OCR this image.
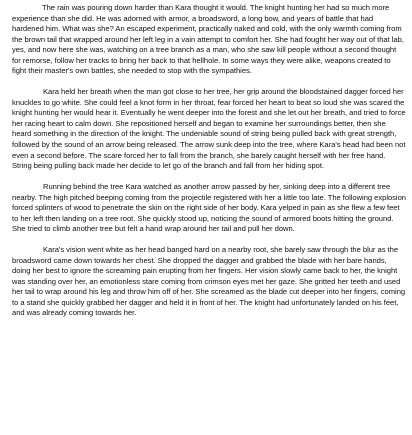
The rain was pouring down harder than Kara thought it would. The knight hunting her had so much more experience than she did. He was adorned with armor, a broadsword, a long bow, and years of battle that had hardened him. What was she? An escaped experiment, practically naked and cold, with the only warmth coming from the brown tail that wrapped around her left leg in a vain attempt to comfort her. She had fought her way out of that lab, yes, and now here she was, watching on a tree branch as a man, who she saw kill people without a second thought for remorse, follow her tracks to bring her back to that hellhole. In some ways they were alike, weapons created to fight their master's own battles, she needed to stop with the sympathies.

Kara held her breath when the man got close to her tree, her grip around the bloodstained dagger forced her knuckles to go white. She could feel a knot form in her throat, fear forced her heart to beat so loud she was scared the knight hunting her would hear it. Eventually he went deeper into the forest and she let out her breath, and tried to force her racing heart to calm down. She repositioned herself and began to examine her surroundings better, then she heard something in the direction of the knight. The undeniable sound of string being pulled back with great strength, followed by the sound of an arrow being released. The arrow sunk deep into the tree, where Kara's head had been not even a second before. The scare forced her to fall from the branch, she barely caught herself with her free hand. String being pulling back made her decide to let go of the branch and fall from her hiding spot.

Running behind the tree Kara watched as another arrow passed by her, sinking deep into a different tree nearby. The high pitched beeping coming from the projectile registered with her a little too late. The following explosion forced splinters of wood to penetrate the skin on the right side of her body. Kara yelped in pain as she flew a few feet to her left then landing on a tree root. She quickly stood up, noticing the sound of armored boots hitting the ground. She tried to climb another tree but felt a hand wrap around her tail and pull her down.

Kara's vision went white as her head banged hard on a nearby root, she barely saw through the blur as the broadsword came down towards her chest. She dropped the dagger and grabbed the blade with her bare hands, doing her best to ignore the screaming pain erupting from her fingers. Her vision slowly came back to her, the knight was standing over her, an emotionless stare coming from crimson eyes met her gaze. She gritted her teeth and used her tail to wrap around his leg and throw him off of her. She screamed as the blade cut deeper into her fingers, coming to a stand she quickly grabbed her dagger and held it in front of her. The knight had unfortunately landed on his feet, and was already coming towards her.
